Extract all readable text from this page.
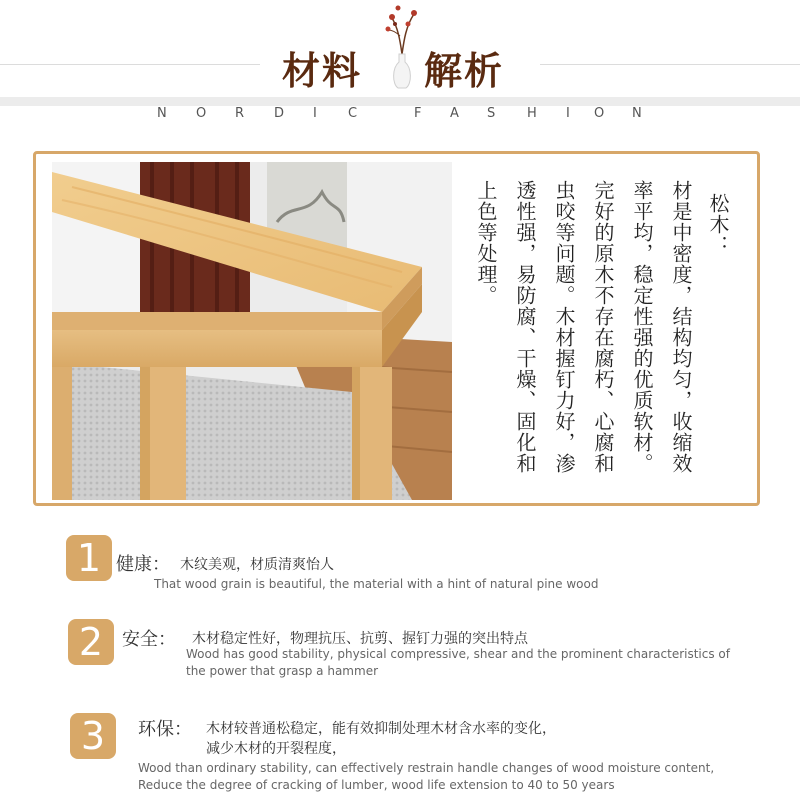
材料 解析
N O R D I C	F A S H I O N
松木：
材是中密度，结构均匀，收缩效
率平均，稳定性强的优质软材。
完好的原木不存在腐朽、心腐和
虫咬等问题。木材握钉力好，渗
透性强，易防腐、干燥、固化和
上色等处理。
1 健康： 木纹美观，材质清爽怡人
That wood grain is beautiful, the material with a hint of natural pine wood
2	安全： 木材稳定性好，物理抗压、抗剪、握钉力强的突出特点
Wood has good stability, physical compressive, shear and the prominent characteristics of
the power that grasp a hammer
3	环保： 木材较普通松稳定，能有效抑制处理木材含水率的变化，
减少木材的开裂程度，
Wood than ordinary stability, can effectively restrain handle changes of wood moisture content,
Reduce the degree of cracking of lumber, wood life extension to 40 to 50 years
